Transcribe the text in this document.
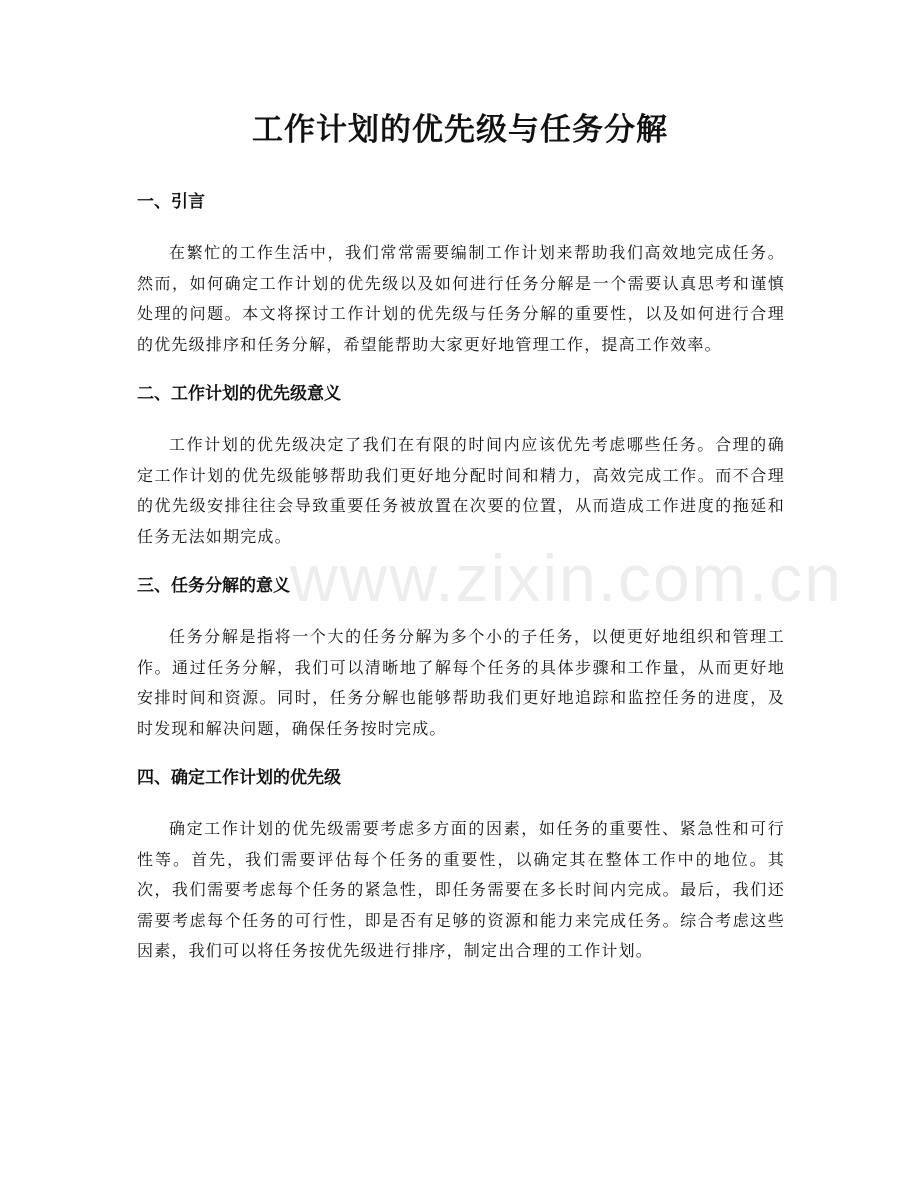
www.zixin.com.cn
工作计划的优先级与任务分解
一、引言

在繁忙的工作生活中，我们常常需要编制工作计划来帮助我们高效地完成任务。然而，如何确定工作计划的优先级以及如何进行任务分解是一个需要认真思考和谨慎处理的问题。本文将探讨工作计划的优先级与任务分解的重要性，以及如何进行合理的优先级排序和任务分解，希望能帮助大家更好地管理工作，提高工作效率。

二、工作计划的优先级意义

工作计划的优先级决定了我们在有限的时间内应该优先考虑哪些任务。合理的确定工作计划的优先级能够帮助我们更好地分配时间和精力，高效完成工作。而不合理的优先级安排往往会导致重要任务被放置在次要的位置，从而造成工作进度的拖延和任务无法如期完成。

三、任务分解的意义

任务分解是指将一个大的任务分解为多个小的子任务，以便更好地组织和管理工作。通过任务分解，我们可以清晰地了解每个任务的具体步骤和工作量，从而更好地安排时间和资源。同时，任务分解也能够帮助我们更好地追踪和监控任务的进度，及时发现和解决问题，确保任务按时完成。

四、确定工作计划的优先级

确定工作计划的优先级需要考虑多方面的因素，如任务的重要性、紧急性和可行性等。首先，我们需要评估每个任务的重要性，以确定其在整体工作中的地位。其次，我们需要考虑每个任务的紧急性，即任务需要在多长时间内完成。最后，我们还需要考虑每个任务的可行性，即是否有足够的资源和能力来完成任务。综合考虑这些因素，我们可以将任务按优先级进行排序，制定出合理的工作计划。
